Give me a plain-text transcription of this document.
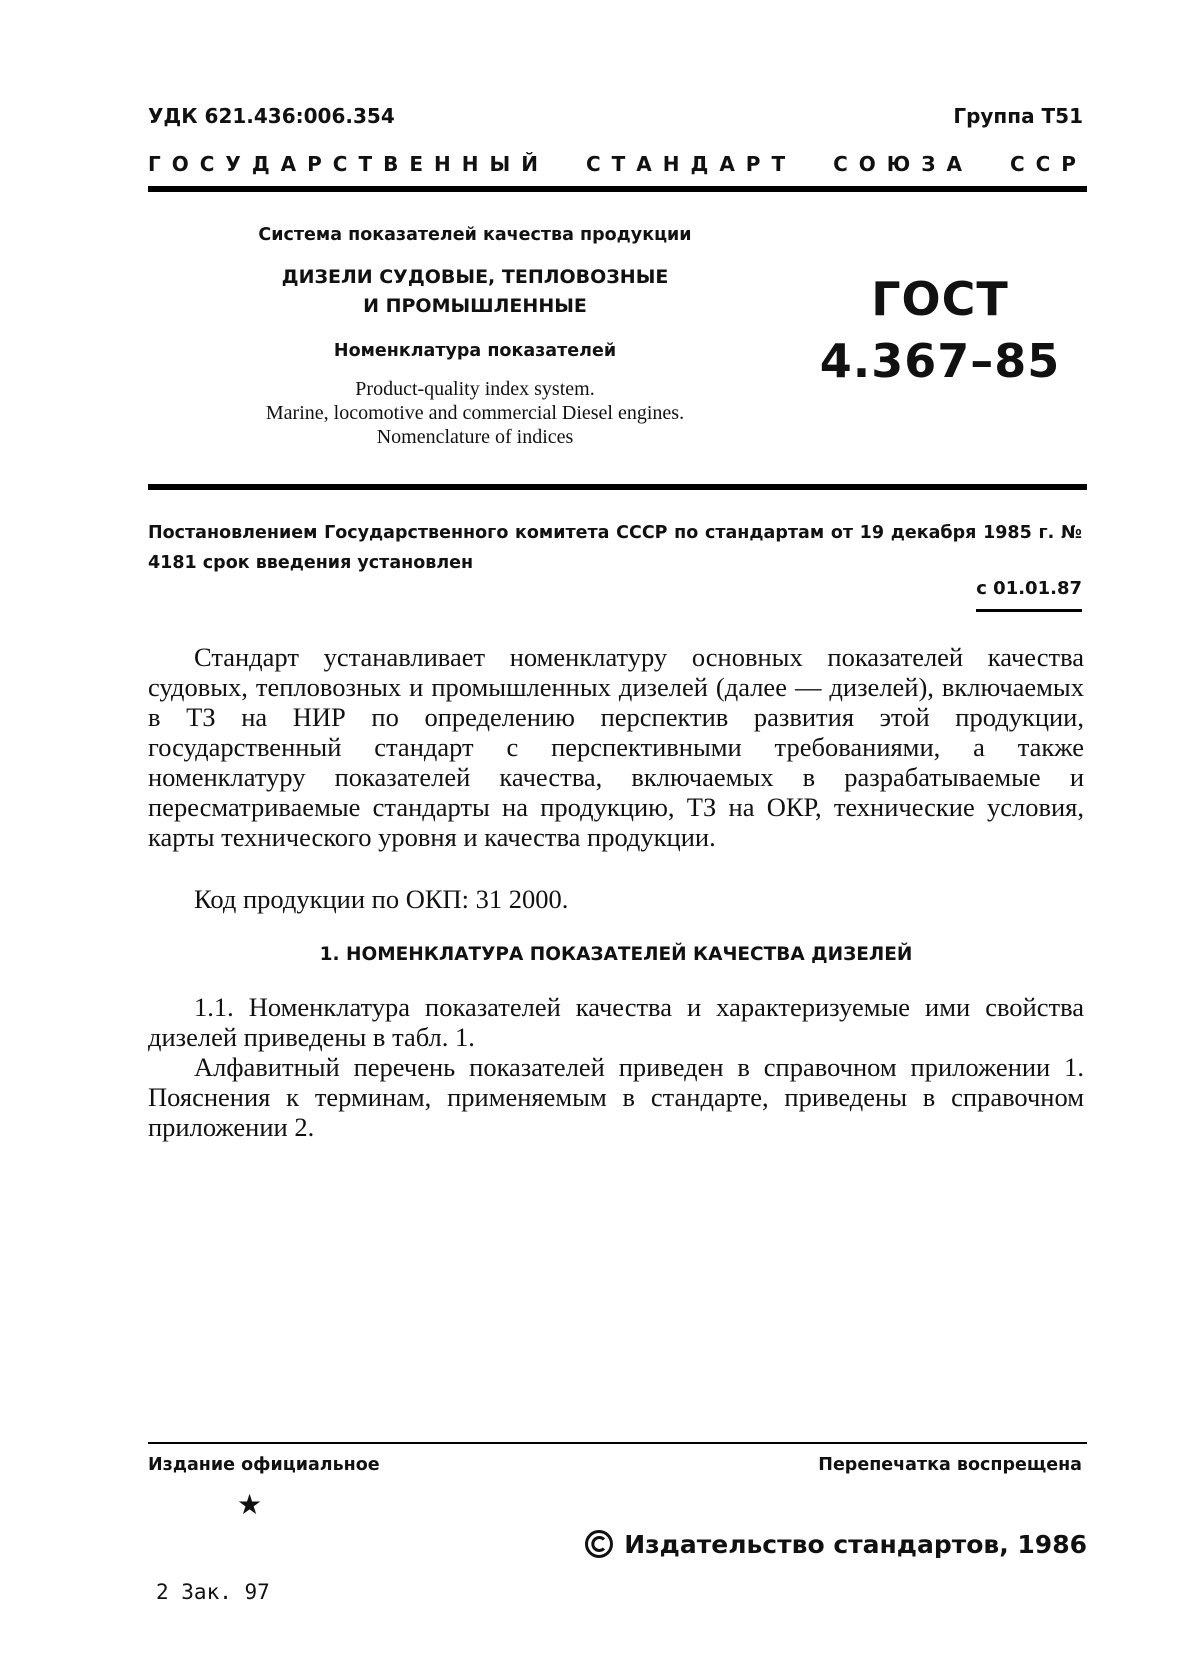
УДК 621.436:006.354	Группа Т51
ГОСУДАРСТВЕННЫЙ СТАНДАРТ СОЮЗА ССР
Система показателей качества продукции
ДИЗЕЛИ СУДОВЫЕ, ТЕПЛОВОЗНЫЕ
И ПРОМЫШЛЕННЫЕ
Номенклатура показателей
Product-quality index system.
Marine, locomotive and commercial Diesel engines.
Nomenclature of indices
ГОСТ
4.367–85
Постановлением Государственного комитета СССР по стандартам от 19 декабря 1985 г. № 4181 срок введения установлен
с 01.01.87

Стандарт устанавливает номенклатуру основных показателей качества судовых, тепловозных и промышленных дизелей (далее — дизелей), включаемых в ТЗ на НИР по определению перспектив развития этой продукции, государственный стандарт с перспективными требованиями, а также номенклатуру показателей качества, включаемых в разрабатываемые и пересматриваемые стандарты на продукцию, ТЗ на ОКР, технические условия, карты технического уровня и качества продукции.

Код продукции по ОКП: 31 2000.
1. НОМЕНКЛАТУРА ПОКАЗАТЕЛЕЙ КАЧЕСТВА ДИЗЕЛЕЙ

1.1. Номенклатура показателей качества и характеризуемые ими свойства дизелей приведены в табл. 1.

Алфавитный перечень показателей приведен в справочном приложении 1. Пояснения к терминам, применяемым в стандарте, приведены в справочном приложении 2.

Издание официальное	Перепечатка воспрещена
★
Издательство стандартов, 1986
2 Зак. 97
